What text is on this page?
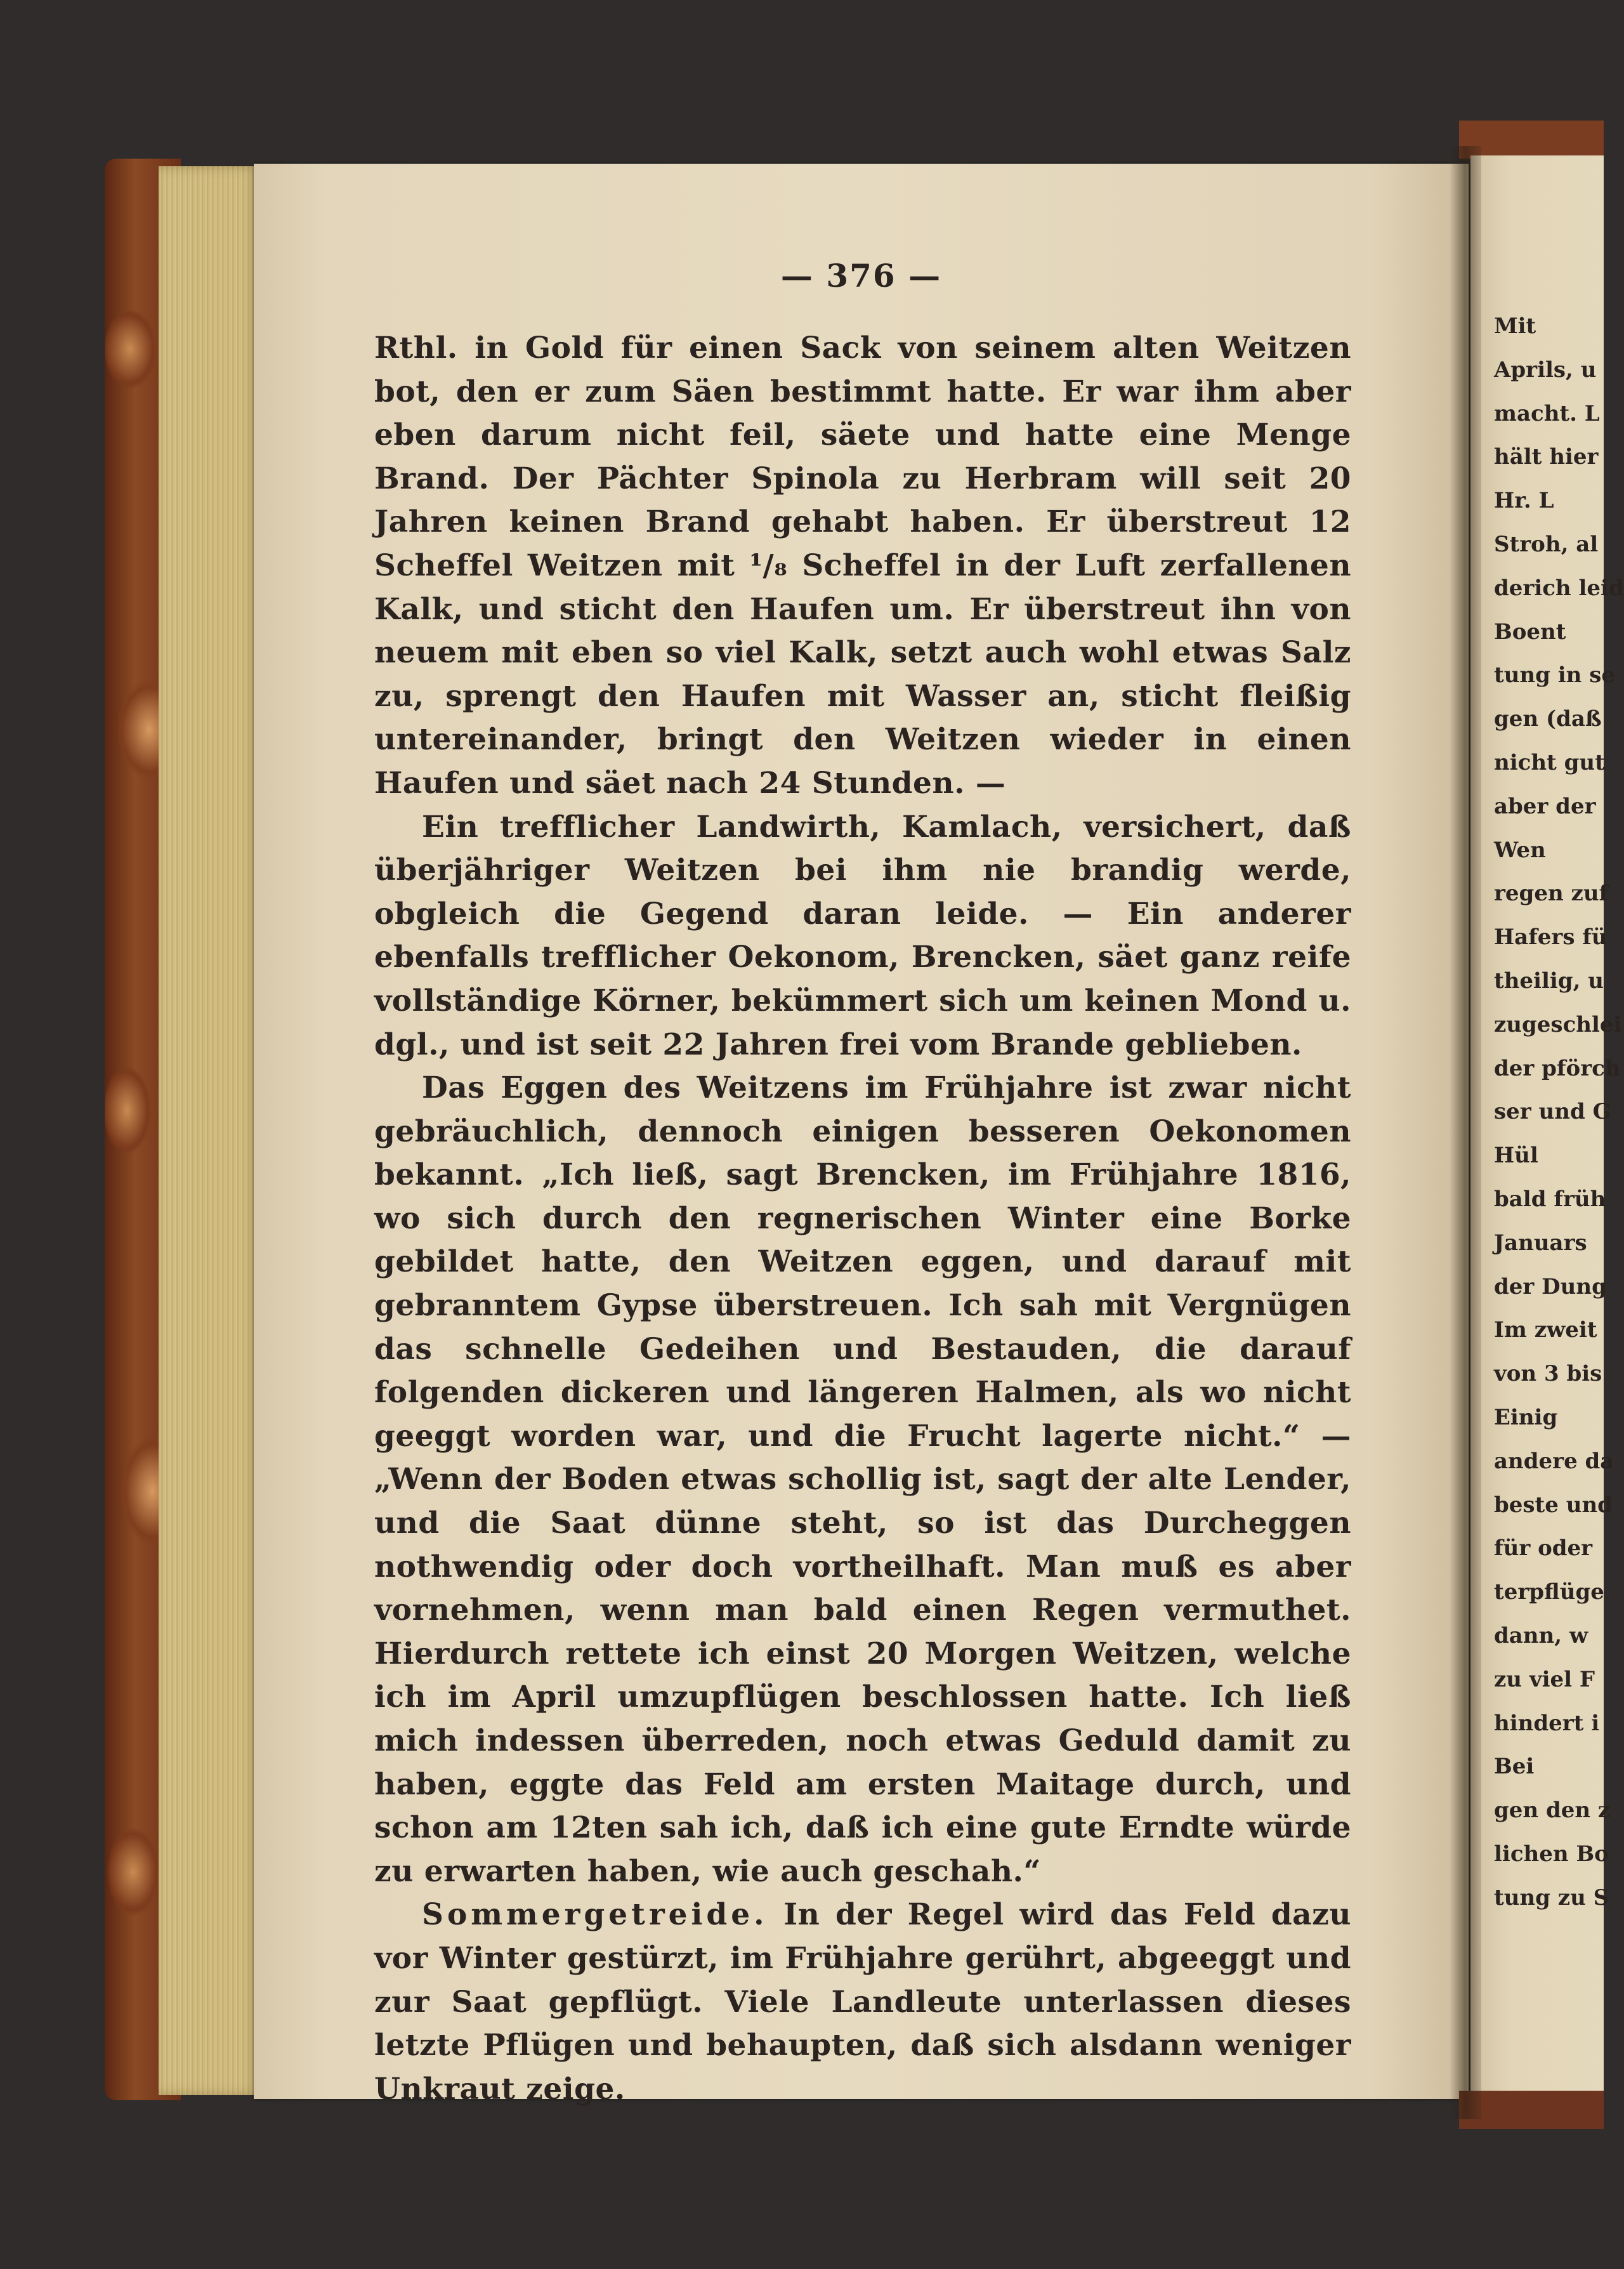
— 376 —

Rthl. in Gold für einen Sack von seinem alten Weitzen bot, den er zum Säen bestimmt hatte. Er war ihm aber eben darum nicht feil, säete und hatte eine Menge Brand. Der Pächter Spinola zu Herbram will seit 20 Jahren keinen Brand gehabt haben. Er überstreut 12 Scheffel Weitzen mit ¹/₈ Scheffel in der Luft zerfallenen Kalk, und sticht den Haufen um. Er überstreut ihn von neuem mit eben so viel Kalk, setzt auch wohl etwas Salz zu, sprengt den Haufen mit Wasser an, sticht fleißig untereinander, bringt den Weitzen wieder in einen Haufen und säet nach 24 Stunden. —

Ein trefflicher Landwirth, Kamlach, versichert, daß überjähriger Weitzen bei ihm nie brandig werde, obgleich die Gegend daran leide. — Ein anderer ebenfalls trefflicher Oekonom, Brencken, säet ganz reife vollständige Körner, bekümmert sich um keinen Mond u. dgl., und ist seit 22 Jahren frei vom Brande geblieben.

Das Eggen des Weitzens im Frühjahre ist zwar nicht gebräuchlich, dennoch einigen besseren Oekonomen bekannt. „Ich ließ, sagt Brencken, im Frühjahre 1816, wo sich durch den regnerischen Winter eine Borke gebildet hatte, den Weitzen eggen, und darauf mit gebranntem Gypse überstreuen. Ich sah mit Vergnügen das schnelle Gedeihen und Bestauden, die darauf folgenden dickeren und längeren Halmen, als wo nicht geeggt worden war, und die Frucht lagerte nicht.“ — „Wenn der Boden etwas schollig ist, sagt der alte Lender, und die Saat dünne steht, so ist das Durcheggen nothwendig oder doch vortheilhaft. Man muß es aber vornehmen, wenn man bald einen Regen vermuthet. Hierdurch rettete ich einst 20 Morgen Weitzen, welche ich im April umzupflügen beschlossen hatte. Ich ließ mich indessen überreden, noch etwas Geduld damit zu haben, eggte das Feld am ersten Maitage durch, und schon am 12ten sah ich, daß ich eine gute Erndte würde zu erwarten haben, wie auch geschah.“

Sommergetreide. In der Regel wird das Feld dazu vor Winter gestürzt, im Frühjahre gerührt, abgeeggt und zur Saat gepflügt. Viele Landleute unterlassen dieses letzte Pflügen und behaupten, daß sich alsdann weniger Unkraut zeige.

Mit
Aprils, u
macht. L
hält hier
Hr. L
Stroh, al
derich leid
Boent
tung in se
gen (daß
nicht gut
aber der
Wen
regen zuf
Hafers fü
theilig, u
zugeschlei
der pförch
ser und G
Hül
bald früh
Januars
der Dung
Im zweit
von 3 bis
Einig
andere da
beste und
für oder
terpflüge
dann, w
zu viel F
hindert i
Bei
gen den z
lichen Bo
tung zu S
